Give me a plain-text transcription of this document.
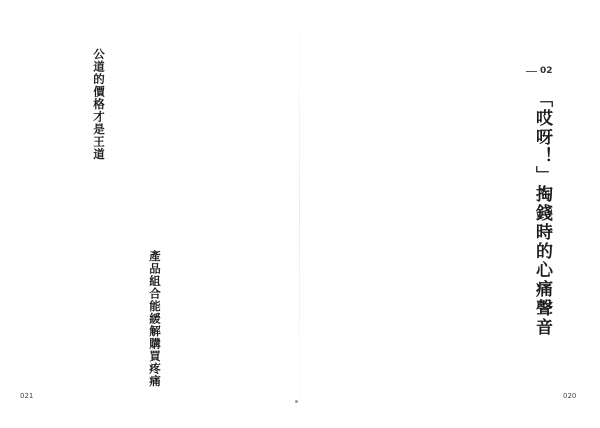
02
「哎呀！」掏錢時的心痛聲音
產品組合能緩解購買疼痛
公道的價格才是王道
021	020
